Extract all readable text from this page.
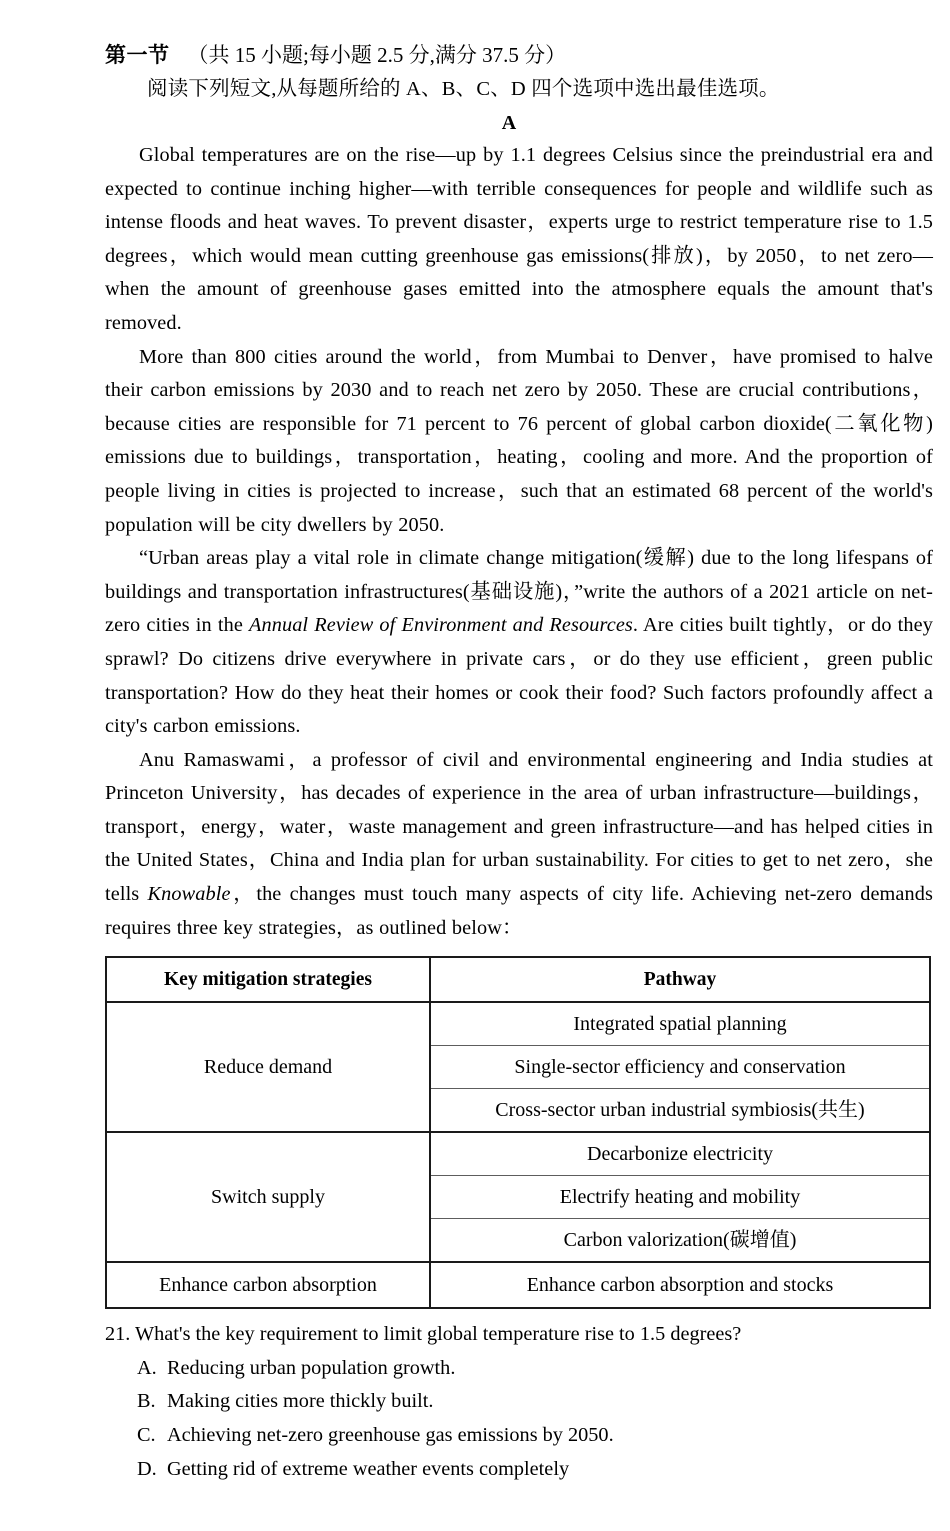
第一节 （共 15 小题;每小题 2.5 分,满分 37.5 分）
阅读下列短文,从每题所给的 A、B、C、D 四个选项中选出最佳选项。
A

Global temperatures are on the rise—up by 1.1 degrees Celsius since the preindustrial era and expected to continue inching higher—with terrible consequences for people and wildlife such as intense floods and heat waves. To prevent disaster，experts urge to restrict temperature rise to 1.5 degrees，which would mean cutting greenhouse gas emissions(排放)，by 2050，to net zero—when the amount of greenhouse gases emitted into the atmosphere equals the amount that's removed.

More than 800 cities around the world，from Mumbai to Denver，have promised to halve their carbon emissions by 2030 and to reach net zero by 2050. These are crucial contributions，because cities are responsible for 71 percent to 76 percent of global carbon dioxide(二氧化物) emissions due to buildings，transportation，heating，cooling and more. And the proportion of people living in cities is projected to increase，such that an estimated 68 percent of the world's population will be city dwellers by 2050.

“Urban areas play a vital role in climate change mitigation(缓解) due to the long lifespans of buildings and transportation infrastructures(基础设施)，”write the authors of a 2021 article on net-zero cities in the Annual Review of Environment and Resources. Are cities built tightly，or do they sprawl? Do citizens drive everywhere in private cars，or do they use efficient，green public transportation? How do they heat their homes or cook their food? Such factors profoundly affect a city's carbon emissions.

Anu Ramaswami，a professor of civil and environmental engineering and India studies at Princeton University，has decades of experience in the area of urban infrastructure—buildings，transport，energy，water，waste management and green infrastructure—and has helped cities in the United States，China and India plan for urban sustainability. For cities to get to net zero，she tells Knowable，the changes must touch many aspects of city life. Achieving net-zero demands requires three key strategies，as outlined below：

Key mitigation strategies	Pathway
Reduce demand	Integrated spatial planning
	Single-sector efficiency and conservation
	Cross-sector urban industrial symbiosis(共生)
Switch supply	Decarbonize electricity
	Electrify heating and mobility
	Carbon valorization(碳增值)
Enhance carbon absorption	Enhance carbon absorption and stocks
21. What's the key requirement to limit global temperature rise to 1.5 degrees?
A. Reducing urban population growth.
B. Making cities more thickly built.
C. Achieving net-zero greenhouse gas emissions by 2050.
D. Getting rid of extreme weather events completely
